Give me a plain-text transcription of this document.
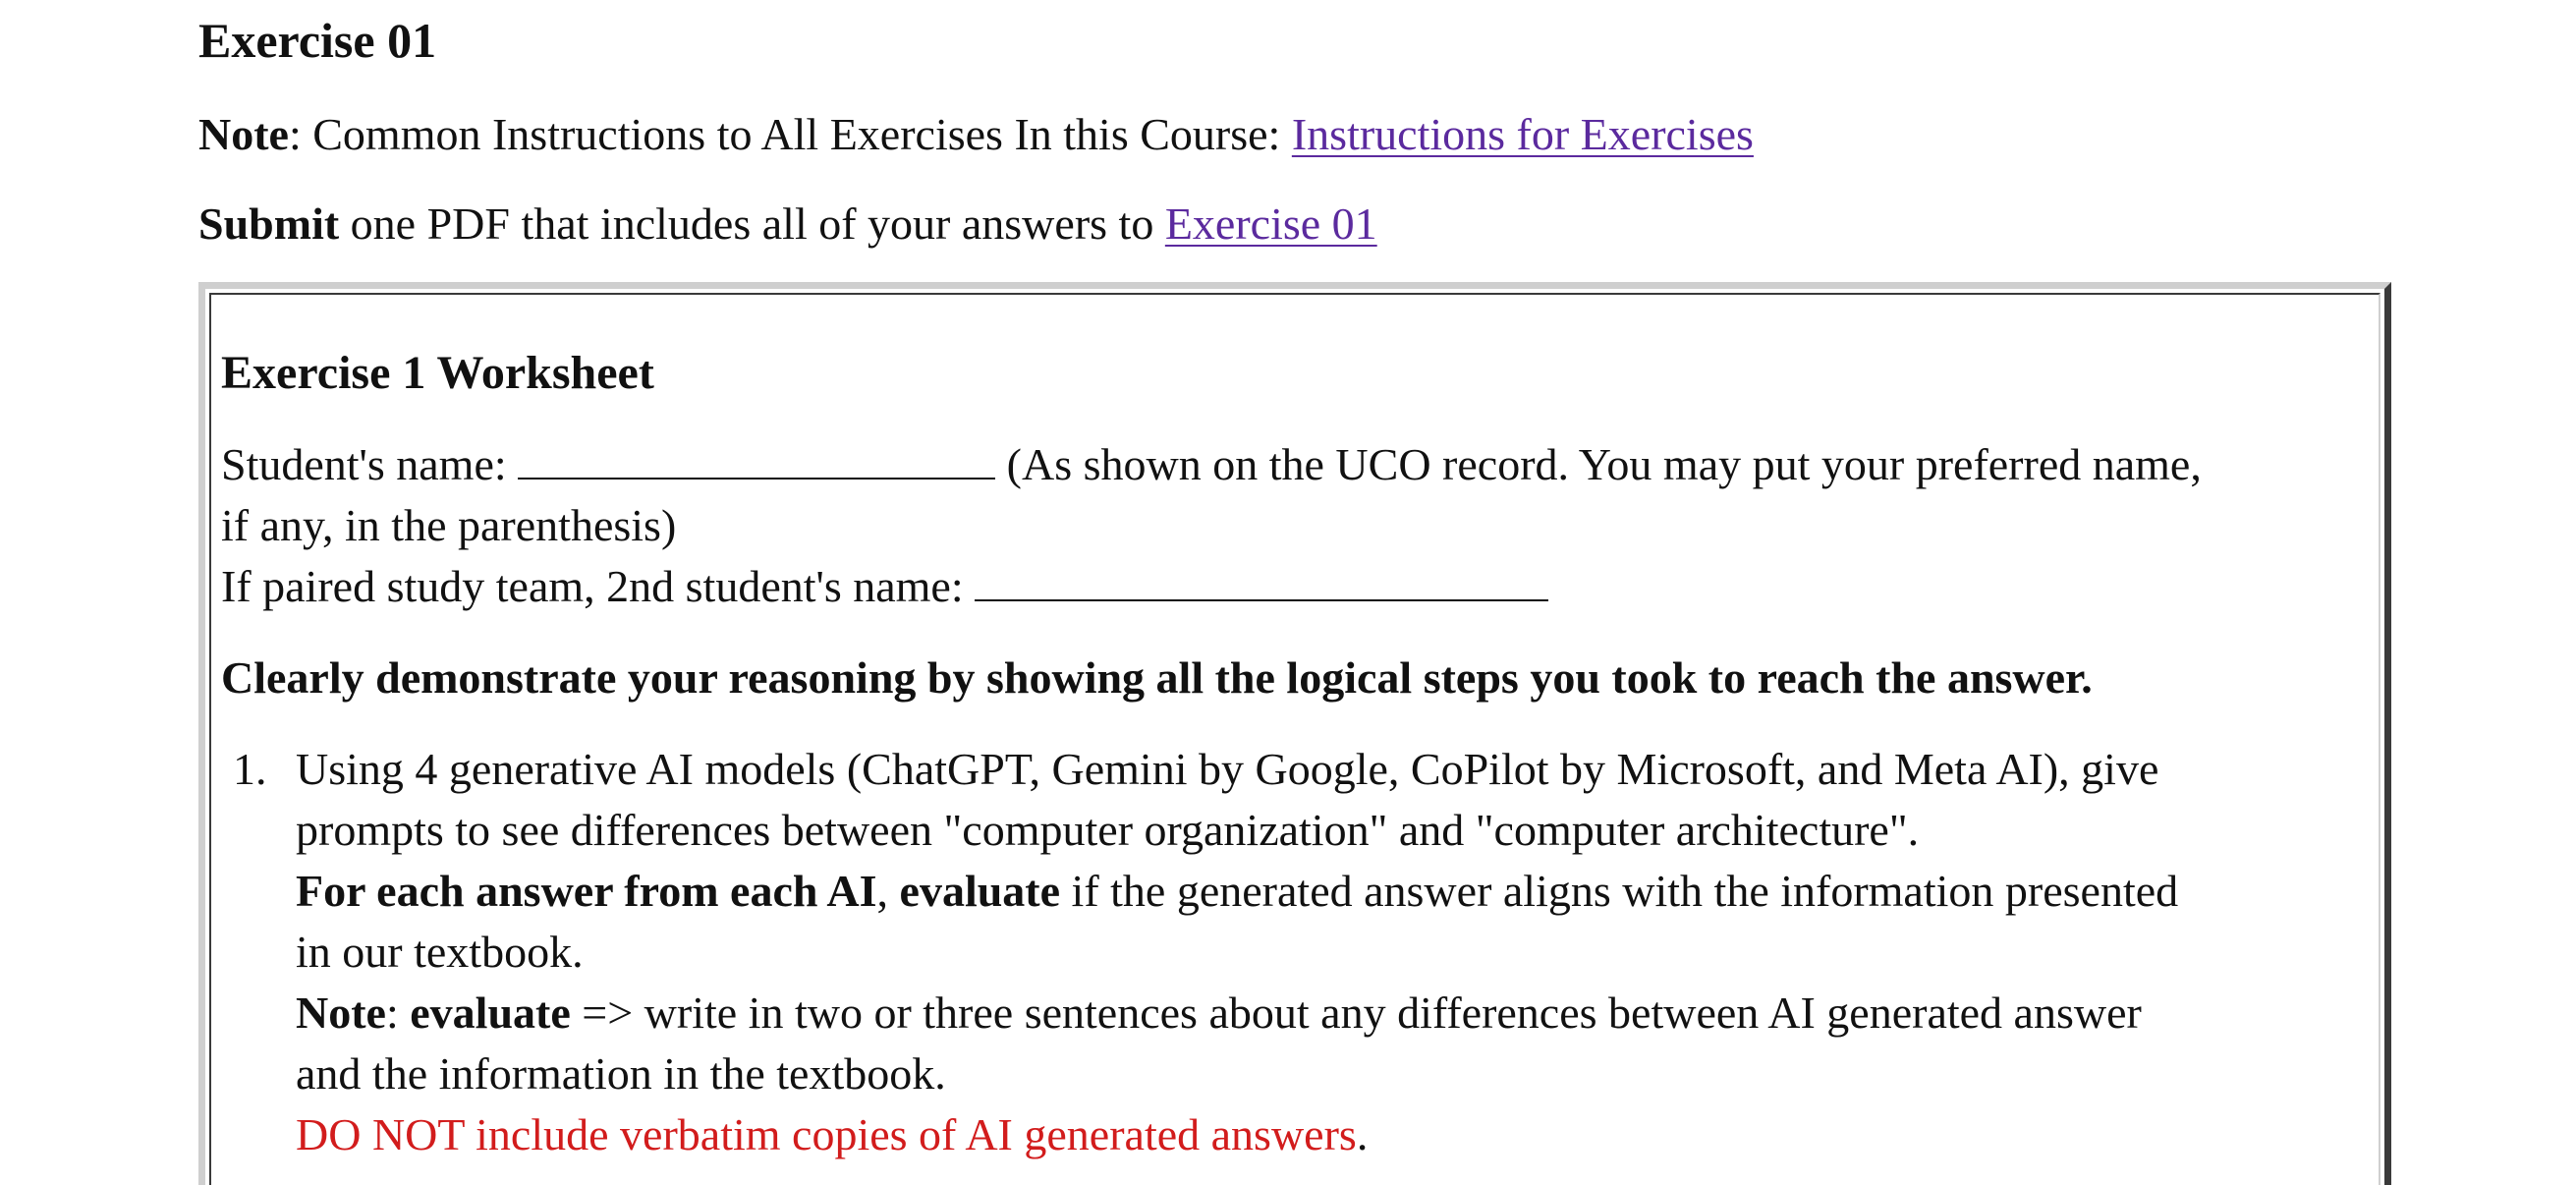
Exercise 01
Note: Common Instructions to All Exercises In this Course: Instructions for Exercises
Submit one PDF that includes all of your answers to Exercise 01
Exercise 1 Worksheet
Student's name:	(As shown on the UCO record. You may put your preferred name,
if any, in the parenthesis)
If paired study team, 2nd student's name:
Clearly demonstrate your reasoning by showing all the logical steps you took to reach the answer.
1. Using 4 generative AI models (ChatGPT, Gemini by Google, CoPilot by Microsoft, and Meta AI), give
prompts to see differences between "computer organization" and "computer architecture".
For each answer from each AI, evaluate if the generated answer aligns with the information presented
in our textbook.
Note: evaluate => write in two or three sentences about any differences between AI generated answer
and the information in the textbook.
DO NOT include verbatim copies of AI generated answers.
